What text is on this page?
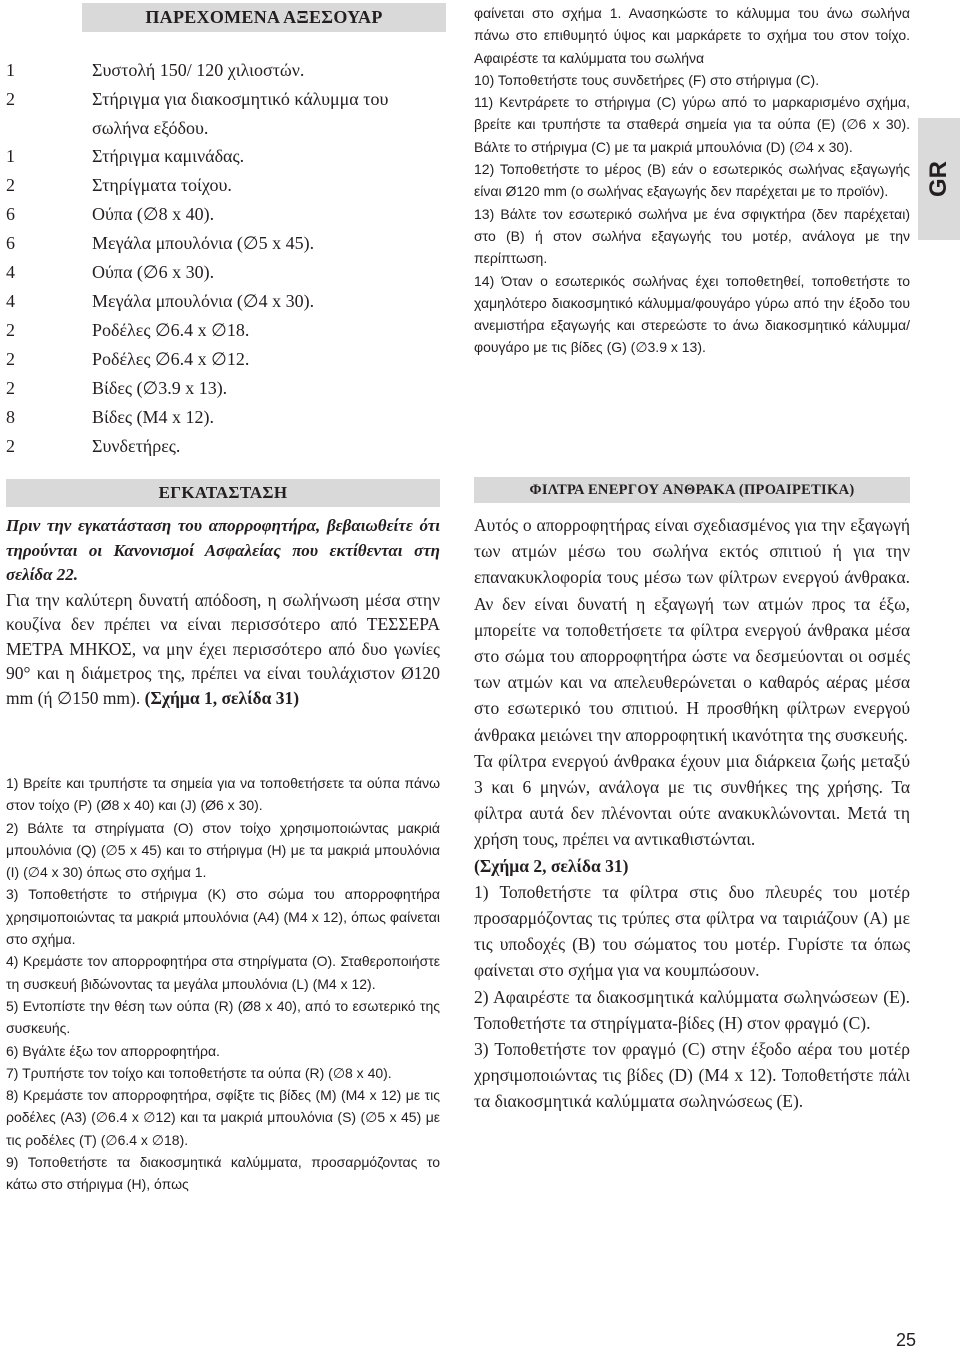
ΠΑΡΕΧΟΜΕΝΑ ΑΞΕΣΟΥΑΡ
1	Συστολή 150/ 120 χιλιοστών.
2	Στήριγμα για διακοσμητικό κάλυμμα του σωλήνα εξόδου.
1	Στήριγμα καμινάδας.
2	Στηρίγματα τοίχου.
6	Ούπα (∅8 x 40).
6	Μεγάλα μπουλόνια (∅5 x 45).
4	Ούπα (∅6 x 30).
4	Μεγάλα μπουλόνια (∅4 x 30).
2	Ροδέλες ∅6.4 x ∅18.
2	Ροδέλες ∅6.4 x ∅12.
2	Βίδες (∅3.9 x 13).
8	Βίδες (M4 x 12).
2	Συνδετήρες.
ΕΓΚΑΤΑΣΤΑΣΗ

Πριν την εγκατάσταση του απορροφητήρα, βεβαιωθείτε ότι τηρούνται οι Κανονισμοί Ασφαλείας που εκτίθενται στη σελίδα 22.

Για την καλύτερη δυνατή απόδοση, η σωλήνωση μέσα στην κουζίνα δεν πρέπει να είναι περισσότερο από ΤΕΣΣΕΡΑ ΜΕΤΡΑ ΜΗΚΟΣ, να μην έχει περισσότερο από δυο γωνίες 90° και η διάμετρος της, πρέπει να είναι τουλάχιστον Ø120 mm (ή ∅150 mm). (Σχήμα 1, σελίδα 31)

1) Βρείτε και τρυπήστε τα σημεία για να τοποθετήσετε τα ούπα πάνω στον τοίχο (P) (Ø8 x 40) και (J) (Ø6 x 30).

2) Βάλτε τα στηρίγματα (O) στον τοίχο χρησιμοποιώντας μακριά μπουλόνια (Q) (∅5 x 45) και το στήριγμα (H) με τα μακριά μπουλόνια (I) (∅4 x 30) όπως στο σχήμα 1.

3) Τοποθετήστε το στήριγμα (K) στο σώμα του απορροφητήρα χρησιμοποιώντας τα μακριά μπουλόνια (A4) (M4 x 12), όπως φαίνεται στο σχήμα.

4) Κρεμάστε τον απορροφητήρα στα στηρίγματα (O). Σταθεροποιήστε τη συσκευή βιδώνοντας τα μεγάλα μπουλόνια (L) (M4 x 12).

5) Εντοπίστε την θέση των ούπα (R) (Ø8 x 40), από το εσωτερικό της συσκευής.

6) Βγάλτε έξω τον απορροφητήρα.

7) Τρυπήστε τον τοίχο και τοποθετήστε τα ούπα (R) (∅8 x 40).

8) Κρεμάστε τον απορροφητήρα, σφίξτε τις βίδες (M) (M4 x 12) με τις ροδέλες (A3) (∅6.4 x ∅12) και τα μακριά μπουλόνια (S) (∅5 x 45) με τις ροδέλες (T) (∅6.4 x ∅18).

9) Τοποθετήστε τα διακοσμητικά καλύμματα, προσαρμόζοντας το κάτω στο στήριγμα (H), όπως

φαίνεται στο σχήμα 1. Ανασηκώστε το κάλυμμα του άνω σωλήνα πάνω στο επιθυμητό ύψος και μαρκάρετε το σχήμα του στον τοίχο. Αφαιρέστε τα καλύμματα του σωλήνα

10) Τοποθετήστε τους συνδετήρες (F) στο στήριγμα (C).

11) Κεντράρετε το στήριγμα (C) γύρω από το μαρκαρισμένο σχήμα, βρείτε και τρυπήστε τα σταθερά σημεία για τα ούπα (E) (∅6 x 30). Βάλτε το στήριγμα (C) με τα μακριά μπουλόνια (D) (∅4 x 30).

12) Τοποθετήστε το μέρος (B) εάν ο εσωτερικός σωλήνας εξαγωγής είναι Ø120 mm (ο σωλήνας εξαγωγής δεν παρέχεται με το προϊόν).

13) Βάλτε τον εσωτερικό σωλήνα με ένα σφιγκτήρα (δεν παρέχεται) στο (B) ή στον σωλήνα εξαγωγής του μοτέρ, ανάλογα με την περίπτωση.

14) Όταν ο εσωτερικός σωλήνας έχει τοποθετηθεί, τοποθετήστε το χαμηλότερο διακοσμητικό κάλυμμα/φουγάρο γύρω από την έξοδο του ανεμιστήρα εξαγωγής και στερεώστε το άνω διακοσμητικό κάλυμμα/φουγάρο με τις βίδες (G) (∅3.9 x 13).

ΦΙΛΤΡΑ ΕΝΕΡΓΟΥ ΑΝΘΡΑΚΑ (ΠΡΟΑΙΡΕΤΙΚΑ)

Αυτός ο απορροφητήρας είναι σχεδιασμένος για την εξαγωγή των ατμών μέσω του σωλήνα εκτός σπιτιού ή για την επανακυκλοφορία τους μέσω των φίλτρων ενεργού άνθρακα. Αν δεν είναι δυνατή η εξαγωγή των ατμών προς τα έξω, μπορείτε να τοποθετήσετε τα φίλτρα ενεργού άνθρακα μέσα στο σώμα του απορροφητήρα ώστε να δεσμεύονται οι οσμές των ατμών και να απελευθερώνεται ο καθαρός αέρας μέσα στο εσωτερικό του σπιτιού. Η προσθήκη φίλτρων ενεργού άνθρακα μειώνει την απορροφητική ικανότητα της συσκευής.

Τα φίλτρα ενεργού άνθρακα έχουν μια διάρκεια ζωής μεταξύ 3 και 6 μηνών, ανάλογα με τις συνθήκες της χρήσης. Τα φίλτρα αυτά δεν πλένονται ούτε ανακυκλώνονται. Μετά τη χρήση τους, πρέπει να αντικαθιστώνται.

(Σχήμα 2, σελίδα 31)

1) Τοποθετήστε τα φίλτρα στις δυο πλευρές του μοτέρ προσαρμόζοντας τις τρύπες στα φίλτρα να ταιριάζουν (A) με τις υποδοχές (B) του σώματος του μοτέρ. Γυρίστε τα όπως φαίνεται στο σχήμα για να κουμπώσουν.

2) Αφαιρέστε τα διακοσμητικά καλύμματα σωληνώσεων (E). Τοποθετήστε τα στηρίγματα-βίδες (H) στον φραγμό (C).

3) Τοποθετήστε τον φραγμό (C) στην έξοδο αέρα του μοτέρ χρησιμοποιώντας τις βίδες (D) (M4 x 12). Τοποθετήστε πάλι τα διακοσμητικά καλύμματα σωληνώσεως (E).

GR
25
